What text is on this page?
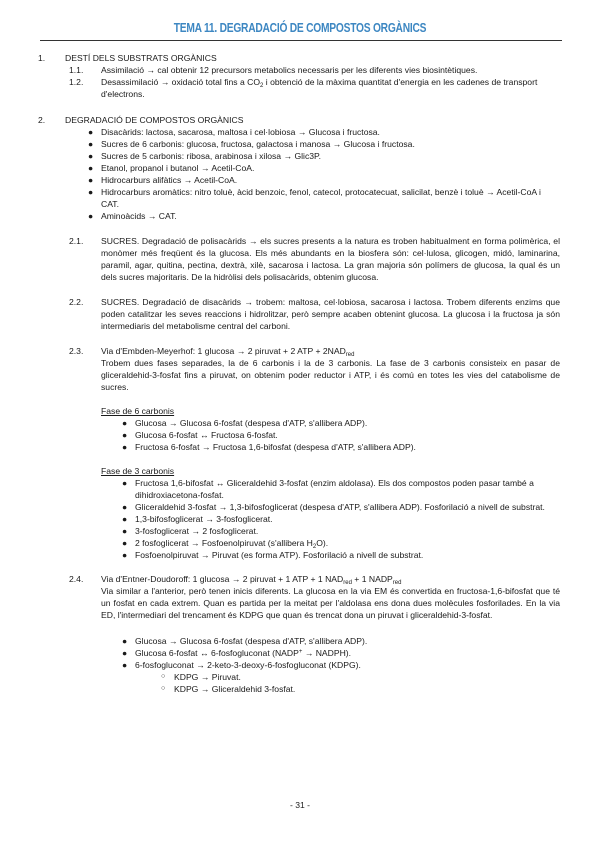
TEMA 11. DEGRADACIÓ DE COMPOSTOS ORGÀNICS
1. DESTÍ DELS SUBSTRATS ORGÀNICS
1.1. Assimilació → cal obtenir 12 precursors metabolics necessaris per les diferents vies biosintètiques.
1.2. Desassimilació → oxidació total fins a $CO_2$ i obtenció de la màxima quantitat d'energia en les cadenes de transport d'electrons.
2. DEGRADACIÓ DE COMPOSTOS ORGÀNICS
● Disacàrids: lactosa, sacarosa, maltosa i cel·lobiosa → Glucosa i fructosa.
● Sucres de 6 carbonis: glucosa, fructosa, galactosa i manosa → Glucosa i fructosa.
● Sucres de 5 carbonis: ribosa, arabinosa i xilosa → Glic3P.
● Etanol, propanol i butanol → Acetil-CoA.
● Hidrocarburs alifàtics → Acetil-CoA.
● Hidrocarburs aromàtics: nitro toluè, àcid benzoic, fenol, catecol, protocatecuat, salicilat, benzè i toluè → Acetil-CoA i CAT.
● Aminoàcids → CAT.
2.1. SUCRES. Degradació de polisacàrids → els sucres presents a la natura es troben habitualment en forma polimèrica, el monòmer més freqüent és la glucosa. Els més abundants en la biosfera són: cel·lulosa, glicogen, midó, laminarina, paramil, agar, quitina, pectina, dextrà, xilè, sacarosa i lactosa. La gran majoria són polímers de glucosa, la qual és un dels sucres majoritaris. De la hidròlisi dels polisacàrids, obtenim glucosa.
2.2. SUCRES. Degradació de disacàrids → trobem: maltosa, cel·lobiosa, sacarosa i lactosa. Trobem diferents enzims que poden catalitzar les seves reaccions i hidrolitzar, però sempre acaben obtenint glucosa. La glucosa i la fructosa ja són intermediaris del metabolisme central del carboni.
2.3. Via d'Embden-Meyerhof: 1 glucosa → 2 piruvat + 2 ATP + $2NAD_{red}$
Trobem dues fases separades, la de 6 carbonis i la de 3 carbonis. La fase de 3 carbonis consisteix en pasar de gliceraldehid-3-fosfat fins a piruvat, on obtenim poder reductor i ATP, i és comú en totes les vies del catabolisme de sucres.
Fase de 6 carbonis
● Glucosa → Glucosa 6-fosfat (despesa d'ATP, s'allibera ADP).
● Glucosa 6-fosfat ↔ Fructosa 6-fosfat.
● Fructosa 6-fosfat → Fructosa 1,6-bifosfat (despesa d'ATP, s'allibera ADP).
Fase de 3 carbonis
● Fructosa 1,6-bifosfat ↔ Gliceraldehid 3-fosfat (enzim aldolasa). Els dos compostos poden pasar també a dihidroxiacetona-fosfat.
● Gliceraldehid 3-fosfat → 1,3-bifosfoglicerat (despesa d'ATP, s'allibera ADP). Fosforilació a nivell de substrat.
● 1,3-bifosfoglicerat → 3-fosfoglicerat.
● 3-fosfoglicerat → 2 fosfoglicerat.
● 2 fosfoglicerat → Fosfoenolpiruvat (s'allibera $H_2O$).
● Fosfoenolpiruvat → Piruvat (es forma ATP). Fosforilació a nivell de substrat.
2.4. Via d'Entner-Doudoroff: 1 glucosa → 2 piruvat + 1 ATP + 1 $NAD_{red} + 1$ $NADP_{red}$
Via similar a l'anterior, però tenen inicis diferents. La glucosa en la via EM és convertida en fructosa-1,6-bifosfat que té un fosfat en cada extrem. Quan es partida per la meitat per l'aldolasa ens dona dues molècules fosforilades. En la via ED, l'intermediari del trencament és KDPG que quan és trencat dona un piruvat i gliceraldehid-3-fosfat.
● Glucosa → Glucosa 6-fosfat (despesa d'ATP, s'allibera ADP).
● Glucosa 6-fosfat ↔ 6-fosfogluconat (NADP+ → NADPH).
● 6-fosfogluconat → 2-keto-3-deoxy-6-fosfogluconat (KDPG).
○ KDPG → Piruvat.
○ KDPG → Gliceraldehid 3-fosfat.
- 31 -
